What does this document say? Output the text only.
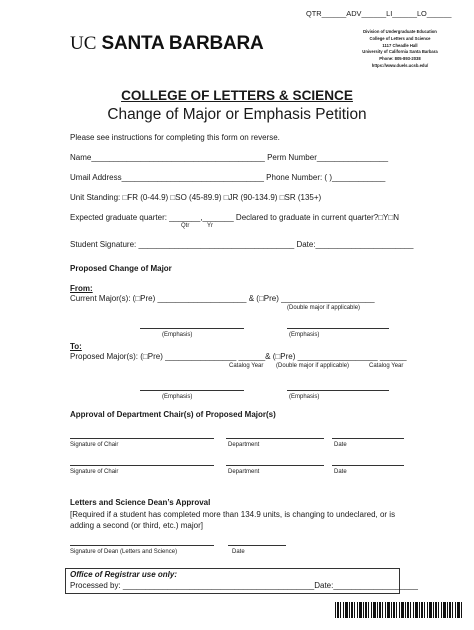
QTR______ADV______LI______LO______
UC SANTA BARBARA
Division of Undergraduate Education
College of Letters and Science
1117 Cheadle Hall
University of California Santa Barbara
Phone: 805-893-2038
https://www.duels.ucsb.edu/
COLLEGE OF LETTERS & SCIENCE
Change of Major or Emphasis Petition
Please see instructions for completing this form on reverse.
Name_______________________________________ Perm Number________________
Umail Address________________________________ Phone Number: ( )____________
Unit Standing: □FR (0-44.9) □SO (45-89.9) □JR (90-134.9) □SR (135+)
Expected graduate quarter: _______,_______ Declared to graduate in current quarter?□Y□N
Qtr	Yr
Student Signature: ___________________________________ Date:______________________
Proposed Change of Major
From:
Current Major(s): (□Pre) ____________________ & (□Pre) _____________________
(Double major if applicable)
(Emphasis)	(Emphasis)
To:
Proposed Major(s): (□Pre) ________________ ______& (□Pre) __________________ ______
Catalog Year (Double major if applicable)	Catalog Year
(Emphasis)	(Emphasis)
Approval of Department Chair(s) of Proposed Major(s)
Signature of Chair	Department	Date
Signature of Chair	Department	Date
Letters and Science Dean’s Approval
[Required if a student has completed more than 134.9 units, is changing to undeclared, or is
adding a second (or third, etc.) major]
Signature of Dean (Letters and Science)	Date
Office of Registrar use only:
Processed by: ___________________________________________Date:___________________
